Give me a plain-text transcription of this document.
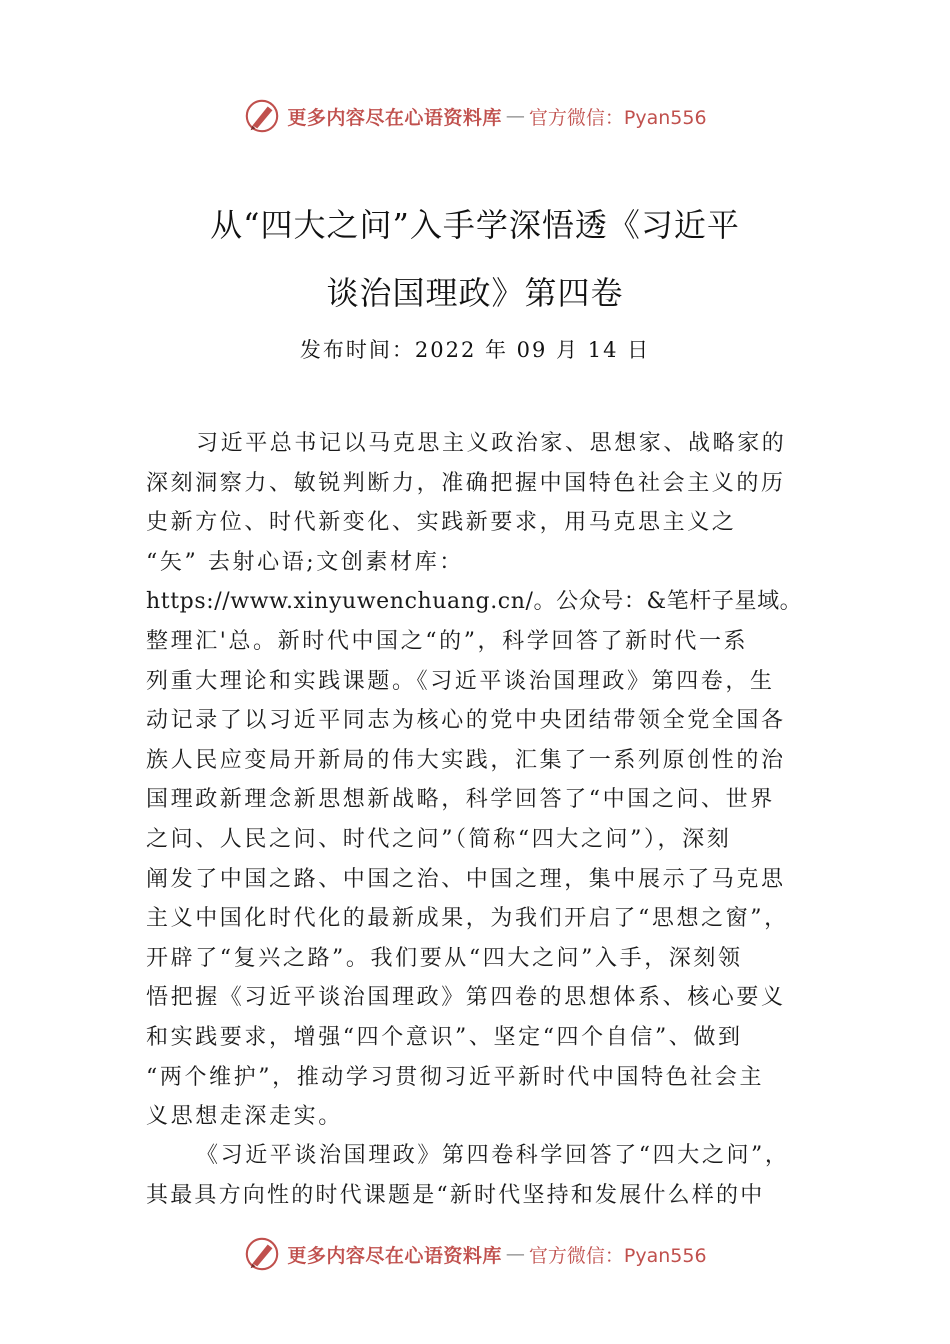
更多内容尽在心语资料库 — 官方微信：Pyan556
从“四大之问”入手学深悟透《习近平
谈治国理政》第四卷
发布时间：2022 年 09 月 14 日
习近平总书记以马克思主义政治家、思想家、战略家的
深刻洞察力、敏锐判断力，准确把握中国特色社会主义的历
史新方位、时代新变化、实践新要求，用马克思主义之
“矢” 去射心语;文创素材库：
https://www.xinyuwenchuang.cn/。公众号：&笔杆子星域。
整理汇'总。新时代中国之“的”，科学回答了新时代一系
列重大理论和实践课题。《习近平谈治国理政》第四卷，生
动记录了以习近平同志为核心的党中央团结带领全党全国各
族人民应变局开新局的伟大实践，汇集了一系列原创性的治
国理政新理念新思想新战略，科学回答了“中国之问、世界
之问、人民之问、时代之问”（简称“四大之问”），深刻
阐发了中国之路、中国之治、中国之理，集中展示了马克思
主义中国化时代化的最新成果，为我们开启了“思想之窗”，
开辟了“复兴之路”。我们要从“四大之问”入手，深刻领
悟把握《习近平谈治国理政》第四卷的思想体系、核心要义
和实践要求，增强“四个意识”、坚定“四个自信”、做到
“两个维护”，推动学习贯彻习近平新时代中国特色社会主
义思想走深走实。
《习近平谈治国理政》第四卷科学回答了“四大之问”，
其最具方向性的时代课题是“新时代坚持和发展什么样的中
更多内容尽在心语资料库 — 官方微信：Pyan556
